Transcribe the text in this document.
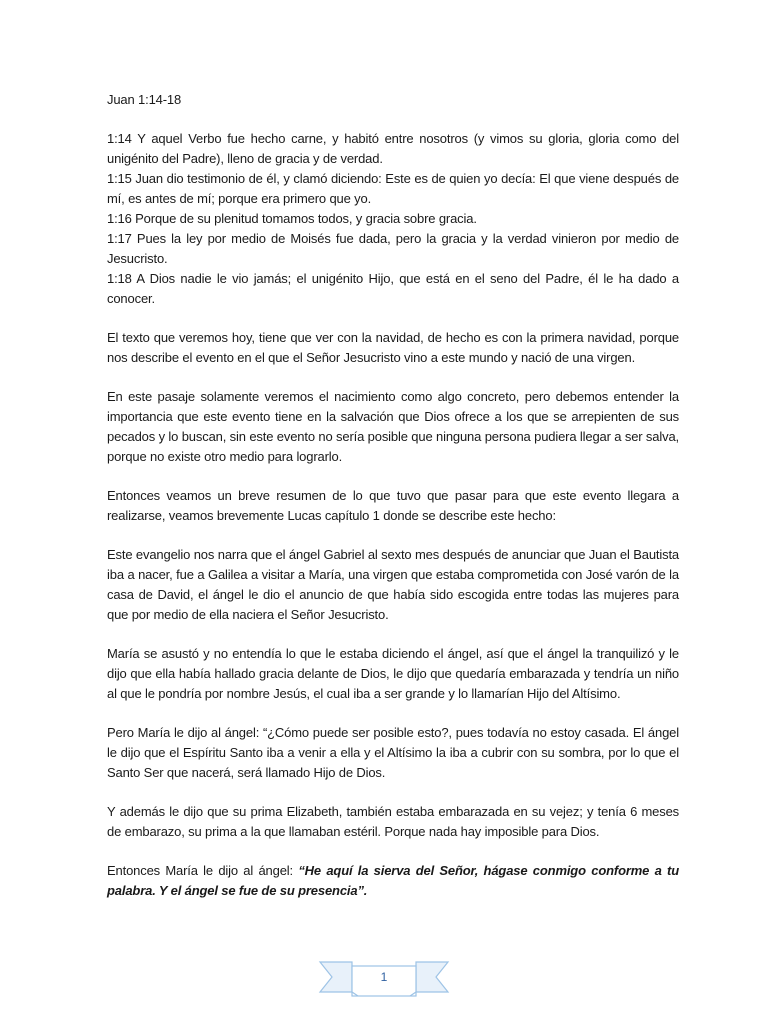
Juan 1:14-18

1:14 Y aquel Verbo fue hecho carne, y habitó entre nosotros (y vimos su gloria, gloria como del unigénito del Padre), lleno de gracia y de verdad.

1:15 Juan dio testimonio de él, y clamó diciendo: Este es de quien yo decía: El que viene después de mí, es antes de mí; porque era primero que yo.

1:16 Porque de su plenitud tomamos todos, y gracia sobre gracia.

1:17 Pues la ley por medio de Moisés fue dada, pero la gracia y la verdad vinieron por medio de Jesucristo.

1:18 A Dios nadie le vio jamás; el unigénito Hijo, que está en el seno del Padre, él le ha dado a conocer.

El texto que veremos hoy, tiene que ver con la navidad, de hecho es con la primera navidad, porque nos describe el evento en el que el Señor Jesucristo vino a este mundo y nació de una virgen.

En este pasaje solamente veremos el nacimiento como algo concreto, pero debemos entender la importancia que este evento tiene en la salvación que Dios ofrece a los que se arrepienten de sus pecados y lo buscan, sin este evento no sería posible que ninguna persona pudiera llegar a ser salva, porque no existe otro medio para lograrlo.

Entonces veamos un breve resumen de lo que tuvo que pasar para que este evento llegara a realizarse, veamos brevemente Lucas capítulo 1 donde se describe este hecho:

Este evangelio nos narra que el ángel Gabriel al sexto mes después de anunciar que Juan el Bautista iba a nacer, fue a Galilea a visitar a María, una virgen que estaba comprometida con José varón de la casa de David, el ángel le dio el anuncio de que había sido escogida entre todas las mujeres para que por medio de ella naciera el Señor Jesucristo.

María se asustó y no entendía lo que le estaba diciendo el ángel, así que el ángel la tranquilizó y le dijo que ella había hallado gracia delante de Dios, le dijo que quedaría embarazada y tendría un niño al que le pondría por nombre Jesús, el cual iba a ser grande y lo llamarían Hijo del Altísimo.

Pero María le dijo al ángel: “¿Cómo puede ser posible esto?, pues todavía no estoy casada. El ángel le dijo que el Espíritu Santo iba a venir a ella y el Altísimo la iba a cubrir con su sombra, por lo que el Santo Ser que nacerá, será llamado Hijo de Dios.

Y además le dijo que su prima Elizabeth, también estaba embarazada en su vejez; y tenía 6 meses de embarazo, su prima a la que llamaban estéril. Porque nada hay imposible para Dios.

Entonces María le dijo al ángel: “He aquí la sierva del Señor, hágase conmigo conforme a tu palabra. Y el ángel se fue de su presencia”.

1
